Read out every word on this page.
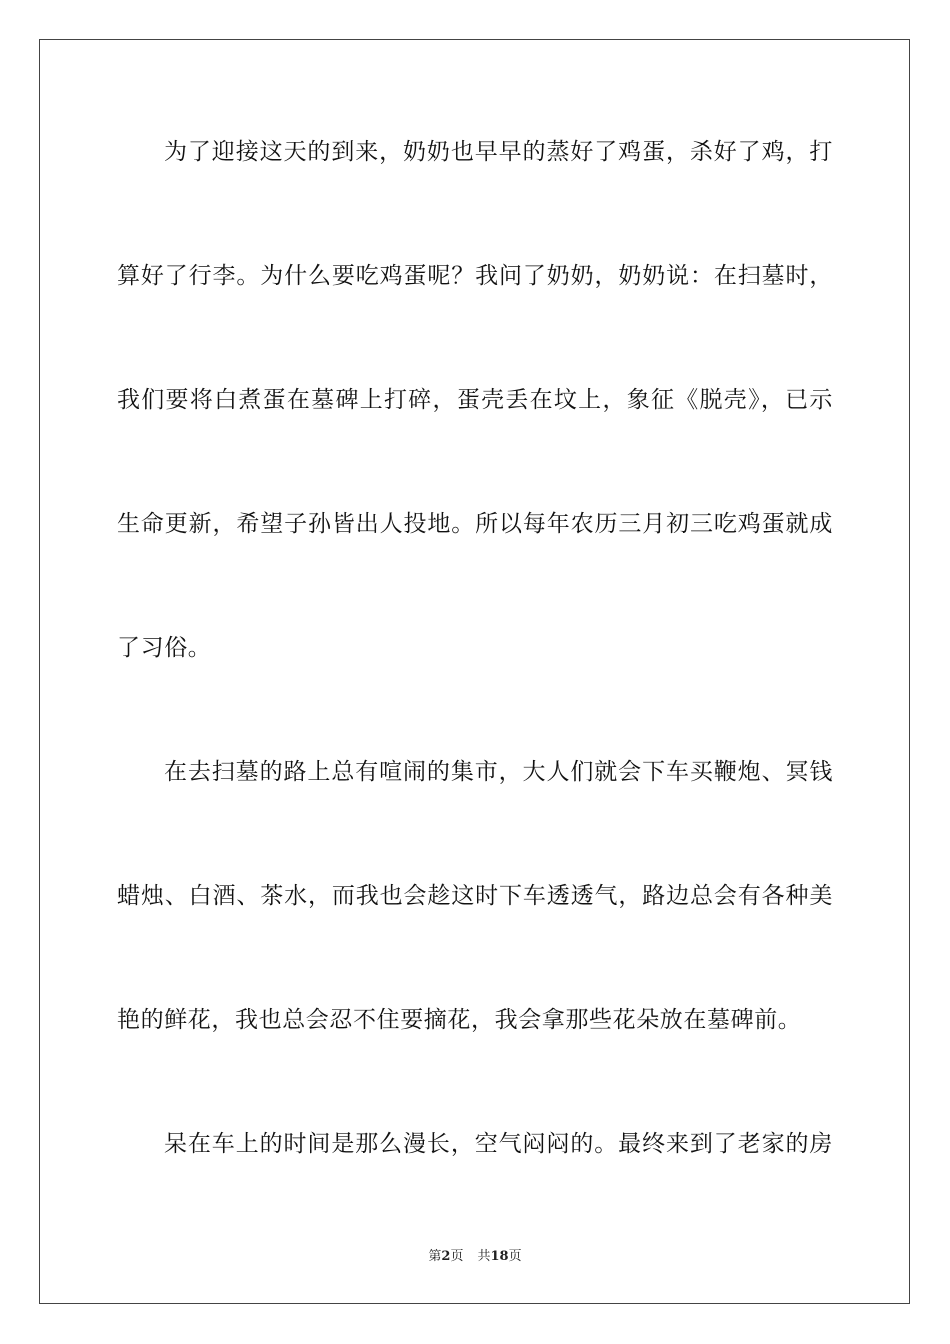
为了迎接这天的到来，奶奶也早早的蒸好了鸡蛋，杀好了鸡，打

算好了行李。为什么要吃鸡蛋呢？我问了奶奶，奶奶说：在扫墓时，

我们要将白煮蛋在墓碑上打碎，蛋壳丢在坟上，象征《脱壳》，已示

生命更新，希望子孙皆出人投地。所以每年农历三月初三吃鸡蛋就成

了习俗。

在去扫墓的路上总有喧闹的集市，大人们就会下车买鞭炮、冥钱

蜡烛、白酒、茶水，而我也会趁这时下车透透气，路边总会有各种美

艳的鲜花，我也总会忍不住要摘花，我会拿那些花朵放在墓碑前。

呆在车上的时间是那么漫长，空气闷闷的。最终来到了老家的房

第2页 共18页
